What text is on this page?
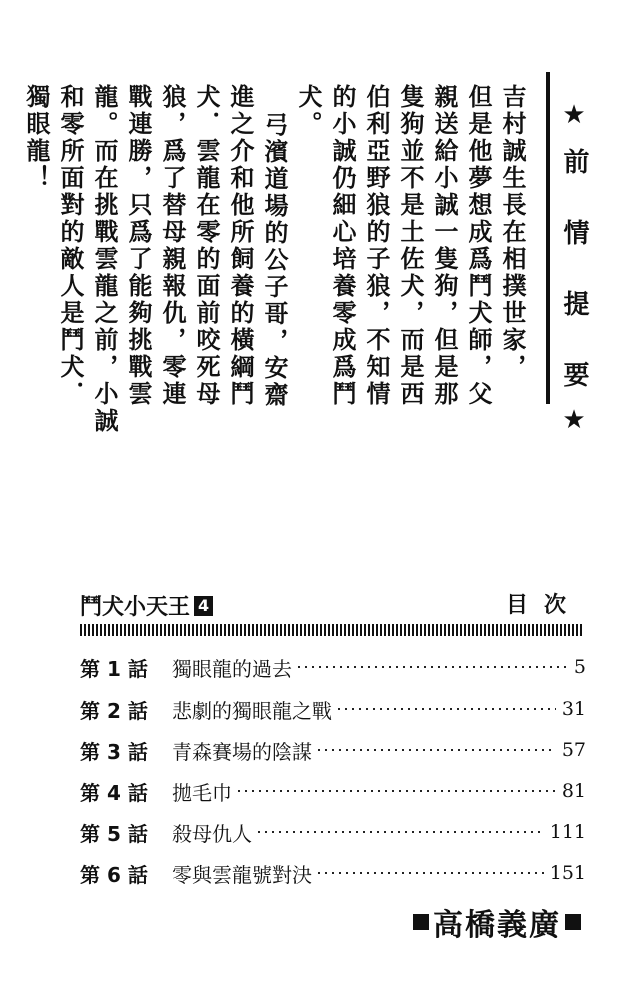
★前 情 提 要★
吉村誠生長在相撲世家，
但是他夢想成爲鬥犬師，父
親送給小誠一隻狗，但是那
隻狗並不是土佐犬，而是西
伯利亞野狼的子狼，不知情
的小誠仍細心培養零成爲鬥
犬。
弓濱道場的公子哥，安齋
進之介和他所飼養的橫綱鬥
犬．雲龍在零的面前咬死母
狼，爲了替母親報仇，零連
戰連勝，只爲了能夠挑戰雲
龍。而在挑戰雲龍之前，小誠
和零所面對的敵人是鬥犬．
獨眼龍！
鬥犬小天王 4	目次
第 1 話	獨眼龍的過去	5
第 2 話	悲劇的獨眼龍之戰	31
第 3 話	青森賽場的陰謀	57
第 4 話	拋毛巾	81
第 5 話	殺母仇人	111
第 6 話	零與雲龍號對決	151
高橋義廣
